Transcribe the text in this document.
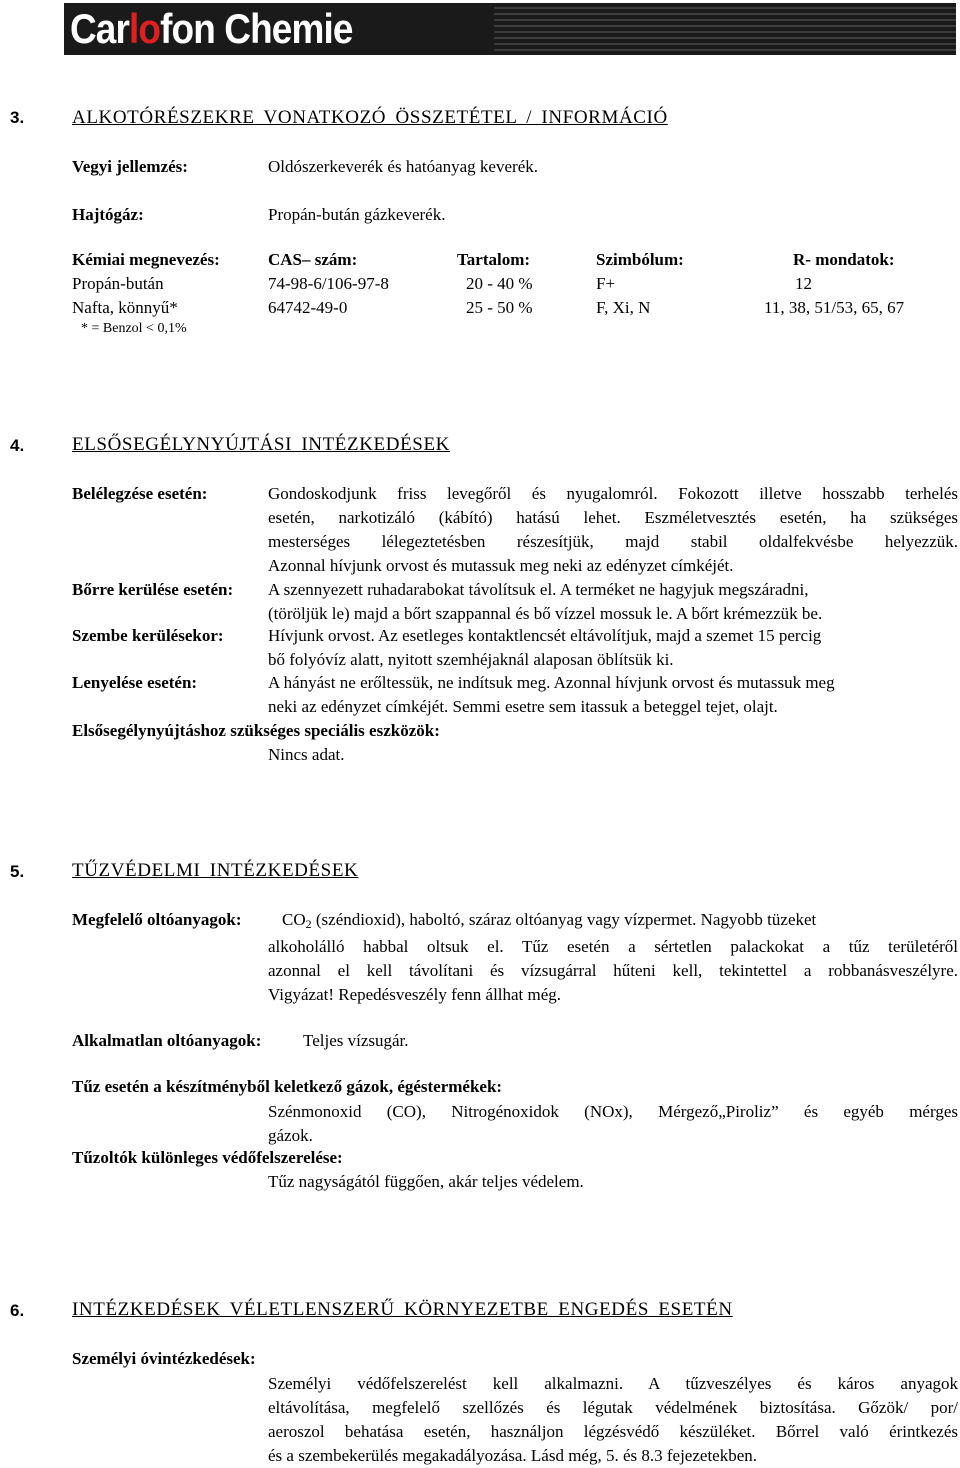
Carlofon Chemie
3.	ALKOTÓRÉSZEKRE VONATKOZÓ ÖSSZETÉTEL / INFORMÁCIÓ
Vegyi jellemzés:	Oldószerkeverék és hatóanyag keverék.
Hajtógáz:	Propán-bután gázkeverék.
Kémiai megnevezés:	CAS– szám:	Tartalom:	Szimbólum:	R- mondatok:
Propán-bután	74-98-6/106-97-8	20 - 40 %	F+	12
Nafta, könnyű*	64742-49-0	25 - 50 %	F, Xi, N	11, 38, 51/53, 65, 67
* = Benzol < 0,1%
4.	ELSŐSEGÉLYNYÚJTÁSI INTÉZKEDÉSEK
Belélegzése esetén:	Gondoskodjunk friss levegőről és nyugalomról. Fokozott illetve hosszabb terhelés
esetén, narkotizáló (kábító) hatású lehet. Eszméletvesztés esetén, ha szükséges
mesterséges lélegeztetésben részesítjük, majd stabil oldalfekvésbe helyezzük.
Azonnal hívjunk orvost és mutassuk meg neki az edényzet címkéjét.
Bőrre kerülése esetén: A szennyezett ruhadarabokat távolítsuk el. A terméket ne hagyjuk megszáradni,
(töröljük le) majd a bőrt szappannal és bő vízzel mossuk le. A bőrt krémezzük be.
Szembe kerülésekor:	Hívjunk orvost. Az esetleges kontaktlencsét eltávolítjuk, majd a szemet 15 percig
bő folyóvíz alatt, nyitott szemhéjaknál alaposan öblítsük ki.
Lenyelése esetén:	A hányást ne erőltessük, ne indítsuk meg. Azonnal hívjunk orvost és mutassuk meg
neki az edényzet címkéjét. Semmi esetre sem itassuk a beteggel tejet, olajt.
Elsősegélynyújtáshoz szükséges speciális eszközök:
Nincs adat.
5.	TŰZVÉDELMI INTÉZKEDÉSEK
Megfelelő oltóanyagok: $CO_2$ (széndioxid), haboltó, száraz oltóanyag vagy vízpermet. Nagyobb tüzeket
alkoholálló habbal oltsuk el. Tűz esetén a sértetlen palackokat a tűz területéről
azonnal el kell távolítani és vízsugárral hűteni kell, tekintettel a robbanásveszélyre.
Vigyázat! Repedésveszély fenn állhat még.
Alkalmatlan oltóanyagok: Teljes vízsugár.
Tűz esetén a készítményből keletkező gázok, égéstermékek:
Szénmonoxid (CO), Nitrogénoxidok (NOx), Mérgező„Piroliz” és egyéb mérges
gázok.
Tűzoltók különleges védőfelszerelése:
Tűz nagyságától függően, akár teljes védelem.
6.	INTÉZKEDÉSEK VÉLETLENSZERŰ KÖRNYEZETBE ENGEDÉS ESETÉN
Személyi óvintézkedések:
Személyi védőfelszerelést kell alkalmazni. A tűzveszélyes és káros anyagok
eltávolítása, megfelelő szellőzés és légutak védelmének biztosítása. Gőzök/ por/
aeroszol behatása esetén, használjon légzésvédő készüléket. Bőrrel való érintkezés
és a szembekerülés megakadályozása. Lásd még, 5. és 8.3 fejezetekben.
